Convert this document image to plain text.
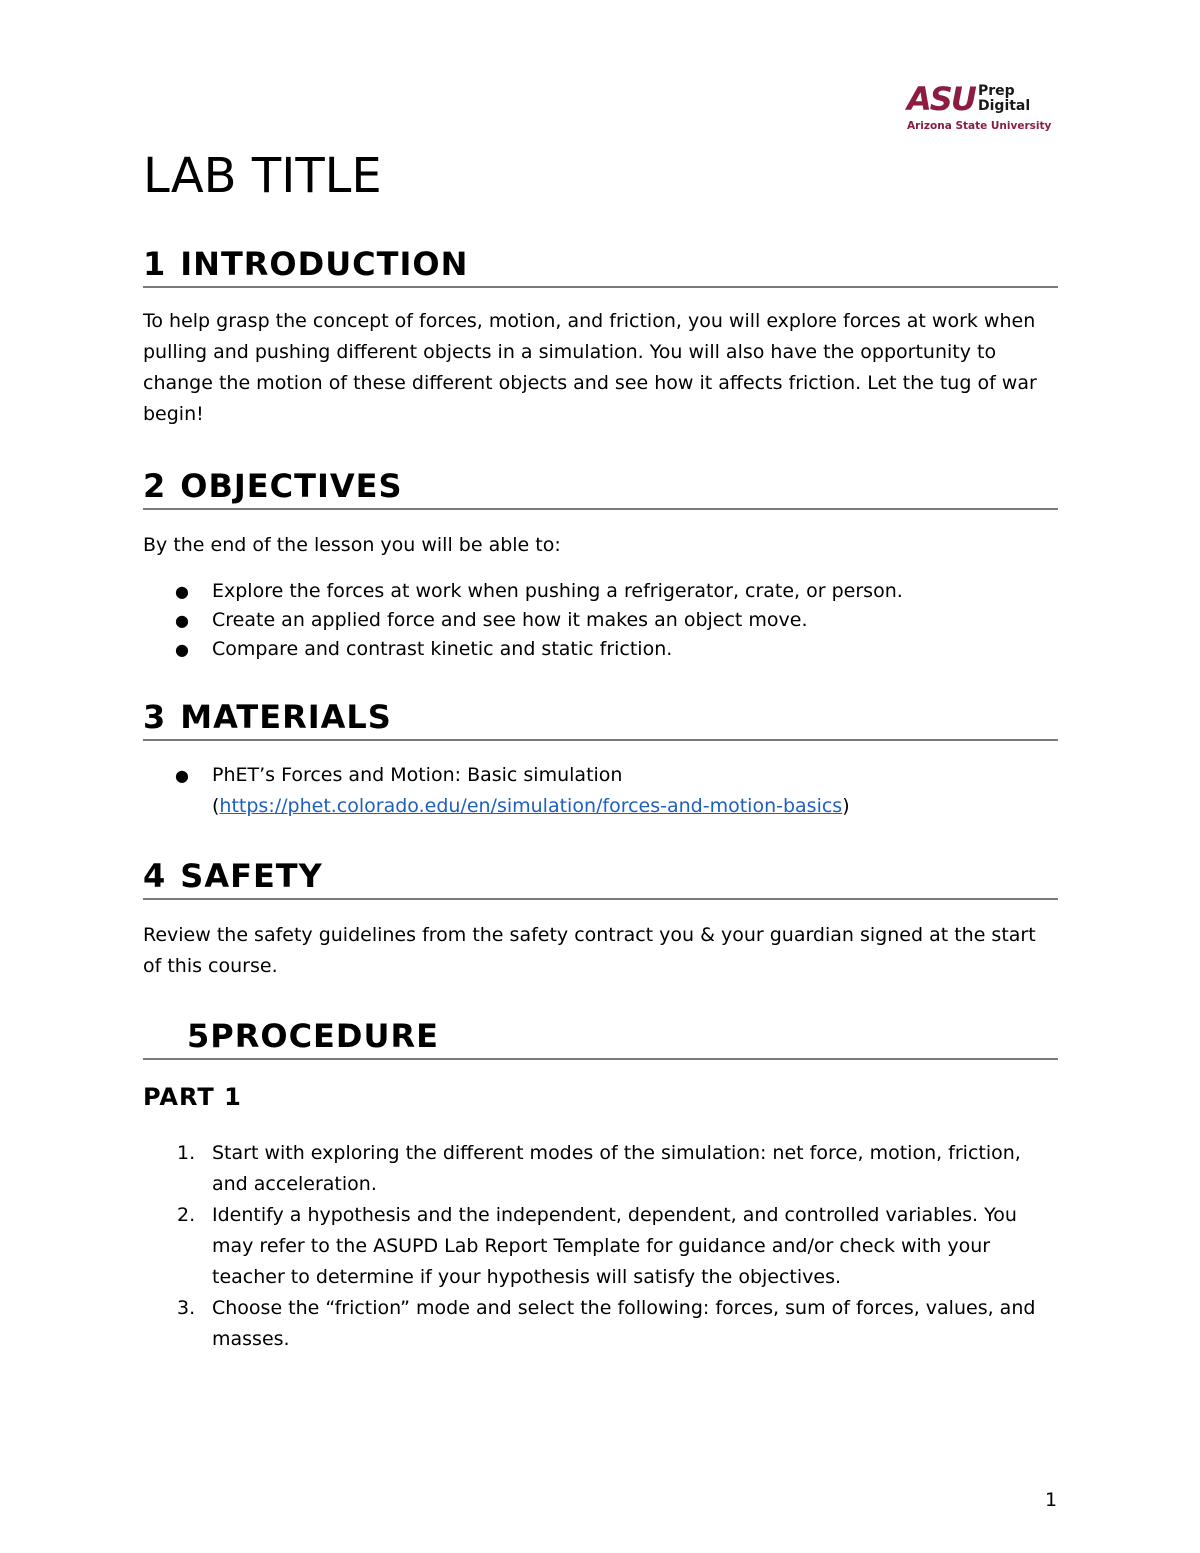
ASU Prep
Digital
Arizona State University
LAB TITLE
1 INTRODUCTION
To help grasp the concept of forces, motion, and friction, you will explore forces at work when pulling and pushing different objects in a simulation. You will also have the opportunity to change the motion of these different objects and see how it affects friction. Let the tug of war begin!
2 OBJECTIVES
By the end of the lesson you will be able to:
● Explore the forces at work when pushing a refrigerator, crate, or person.
● Create an applied force and see how it makes an object move.
● Compare and contrast kinetic and static friction.
3 MATERIALS
● PhET’s Forces and Motion: Basic simulation
(https://phet.colorado.edu/en/simulation/forces-and-motion-basics)
4 SAFETY
Review the safety guidelines from the safety contract you & your guardian signed at the start of this course.
5PROCEDURE
PART 1
1. Start with exploring the different modes of the simulation: net force, motion, friction, and acceleration.
2. Identify a hypothesis and the independent, dependent, and controlled variables. You may refer to the ASUPD Lab Report Template for guidance and/or check with your teacher to determine if your hypothesis will satisfy the objectives.
3. Choose the “friction” mode and select the following: forces, sum of forces, values, and masses.
1
